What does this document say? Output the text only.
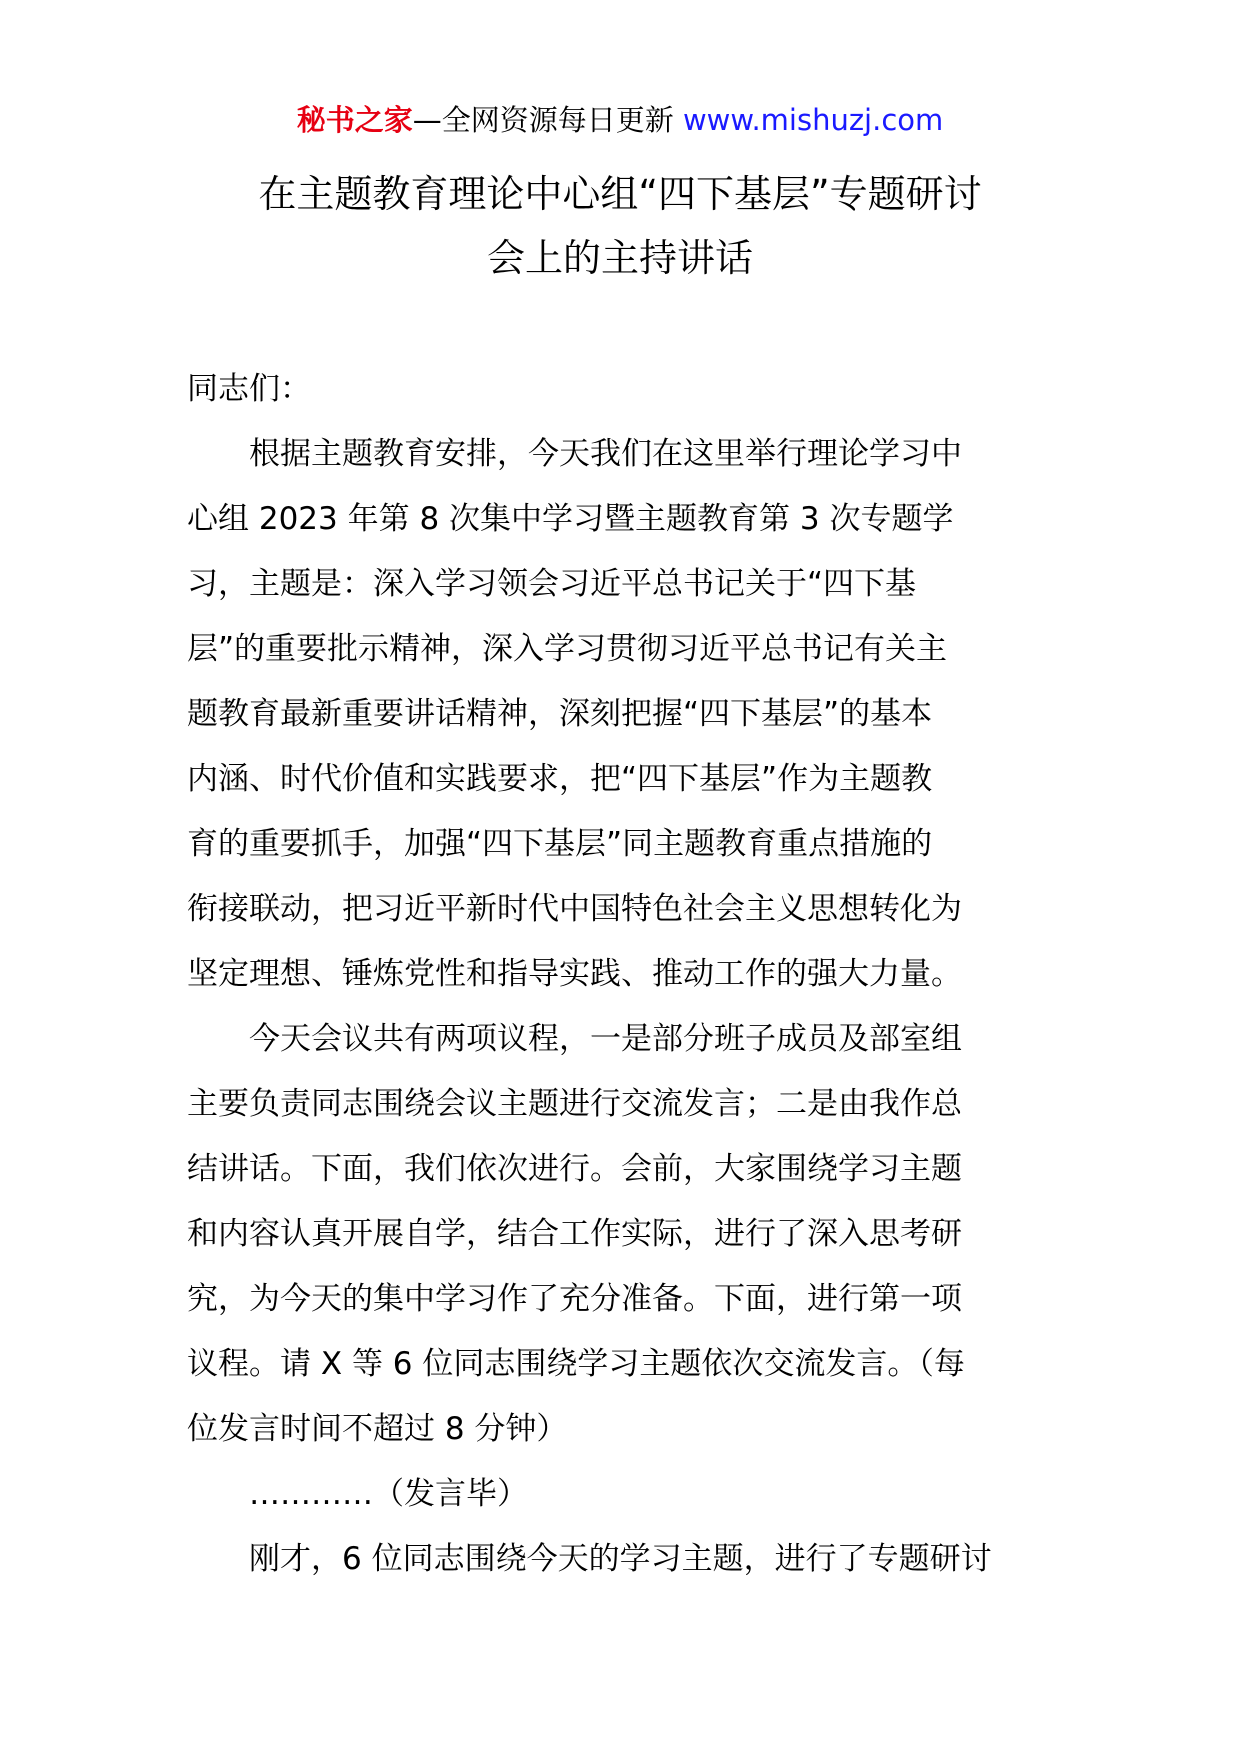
秘书之家—全网资源每日更新 www.mishuzj.com
在主题教育理论中心组“四下基层”专题研讨
会上的主持讲话
同志们：
　　根据主题教育安排，今天我们在这里举行理论学习中
心组 2023 年第 8 次集中学习暨主题教育第 3 次专题学
习，主题是：深入学习领会习近平总书记关于“四下基
层”的重要批示精神，深入学习贯彻习近平总书记有关主
题教育最新重要讲话精神，深刻把握“四下基层”的基本
内涵、时代价值和实践要求，把“四下基层”作为主题教
育的重要抓手，加强“四下基层”同主题教育重点措施的
衔接联动，把习近平新时代中国特色社会主义思想转化为
坚定理想、锤炼党性和指导实践、推动工作的强大力量。
　　今天会议共有两项议程，一是部分班子成员及部室组
主要负责同志围绕会议主题进行交流发言；二是由我作总
结讲话。下面，我们依次进行。会前，大家围绕学习主题
和内容认真开展自学，结合工作实际，进行了深入思考研
究，为今天的集中学习作了充分准备。下面，进行第一项
议程。请 X 等 6 位同志围绕学习主题依次交流发言。（每
位发言时间不超过 8 分钟）
　　…………（发言毕）
　　刚才，6 位同志围绕今天的学习主题，进行了专题研讨
